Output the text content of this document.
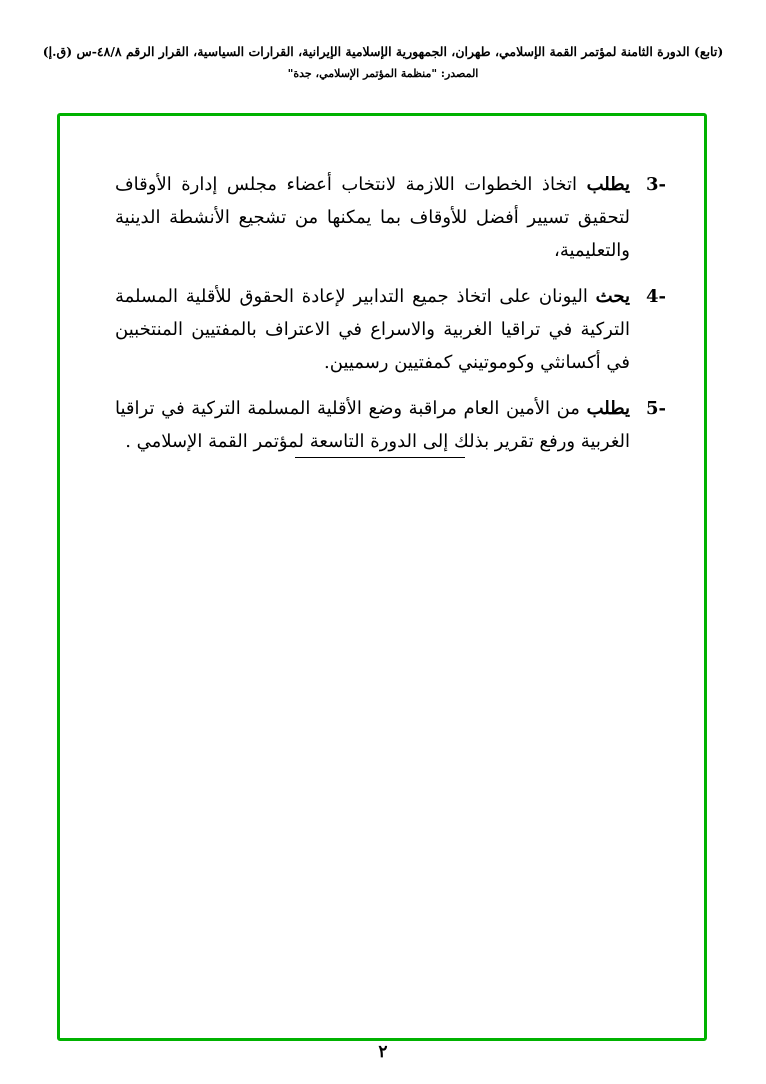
(تابع) الدورة الثامنة لمؤتمر القمة الإسلامي، طهران، الجمهورية الإسلامية الإيرانية، القرارات السياسية، القرار الرقم ٤٨/٨-س (ق.إ)
المصدر: "منظمة المؤتمر الإسلامي، جدة"
3-
يطلب اتخاذ الخطوات اللازمة لانتخاب أعضاء مجلس إدارة الأوقاف لتحقيق تسيير أفضل للأوقاف بما يمكنها من تشجيع الأنشطة الدينية والتعليمية،
4-
يحث اليونان على اتخاذ جميع التدابير لإعادة الحقوق للأقلية المسلمة التركية في تراقيا الغربية والاسراع في الاعتراف بالمفتيين المنتخبين في أكسانثي وكوموتيني كمفتيين رسميين.
5-
يطلب من الأمين العام مراقبة وضع الأقلية المسلمة التركية في تراقيا الغربية ورفع تقرير بذلك إلى الدورة التاسعة لمؤتمر القمة الإسلامي .
٢
